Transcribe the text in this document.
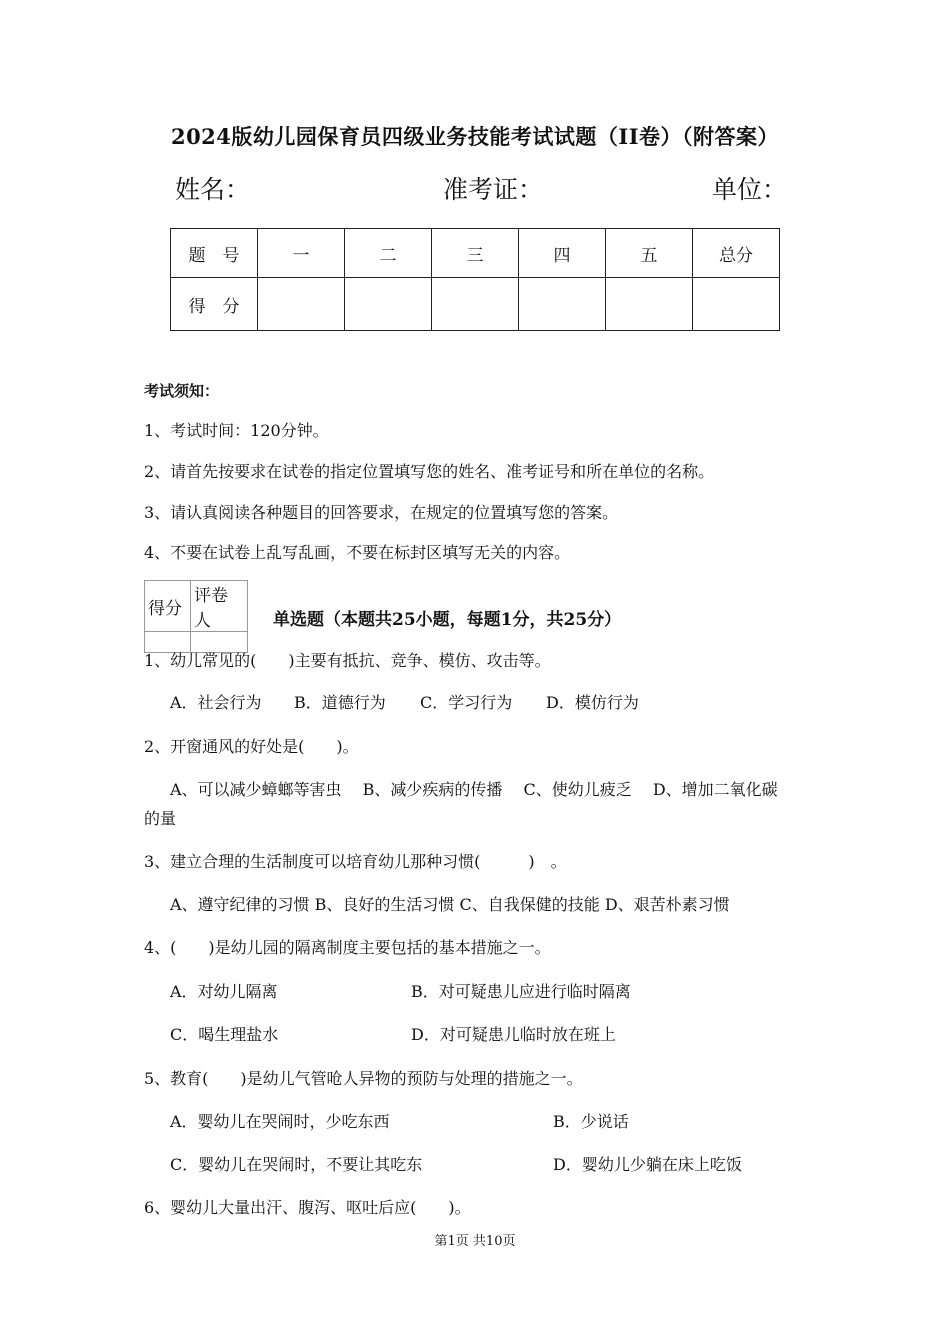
2024版幼儿园保育员四级业务技能考试试题（II卷）（附答案）
姓名：	准考证：	单位：
题　号	一	二	三	四	五	总分
得　分						
考试须知：
1、考试时间：120分钟。
2、请首先按要求在试卷的指定位置填写您的姓名、准考证号和所在单位的名称。
3、请认真阅读各种题目的回答要求，在规定的位置填写您的答案。
4、不要在试卷上乱写乱画，不要在标封区填写无关的内容。
得分	评卷人
		单选题（本题共25小题，每题1分，共25分）
1、幼儿常见的(　　)主要有抵抗、竞争、模仿、攻击等。
A．社会行为 B．道德行为 C．学习行为 D．模仿行为
2、开窗通风的好处是(　　)。
A、可以减少蟑螂等害虫　 B、减少疾病的传播　 C、使幼儿疲乏　 D、增加二氧化碳
的量
3、建立合理的生活制度可以培育幼儿那种习惯(　　　)　。
A、遵守纪律的习惯 B、良好的生活习惯 C、自我保健的技能 D、艰苦朴素习惯
4、(　　)是幼儿园的隔离制度主要包括的基本措施之一。
A．对幼儿隔离	B．对可疑患儿应进行临时隔离
C．喝生理盐水	D．对可疑患儿临时放在班上
5、教育(　　)是幼儿气管呛人异物的预防与处理的措施之一。
A．婴幼儿在哭闹时，少吃东西	B．少说话
C．婴幼儿在哭闹时，不要让其吃东	D．婴幼儿少躺在床上吃饭
6、婴幼儿大量出汗、腹泻、呕吐后应(　　)。
第1页 共10页
